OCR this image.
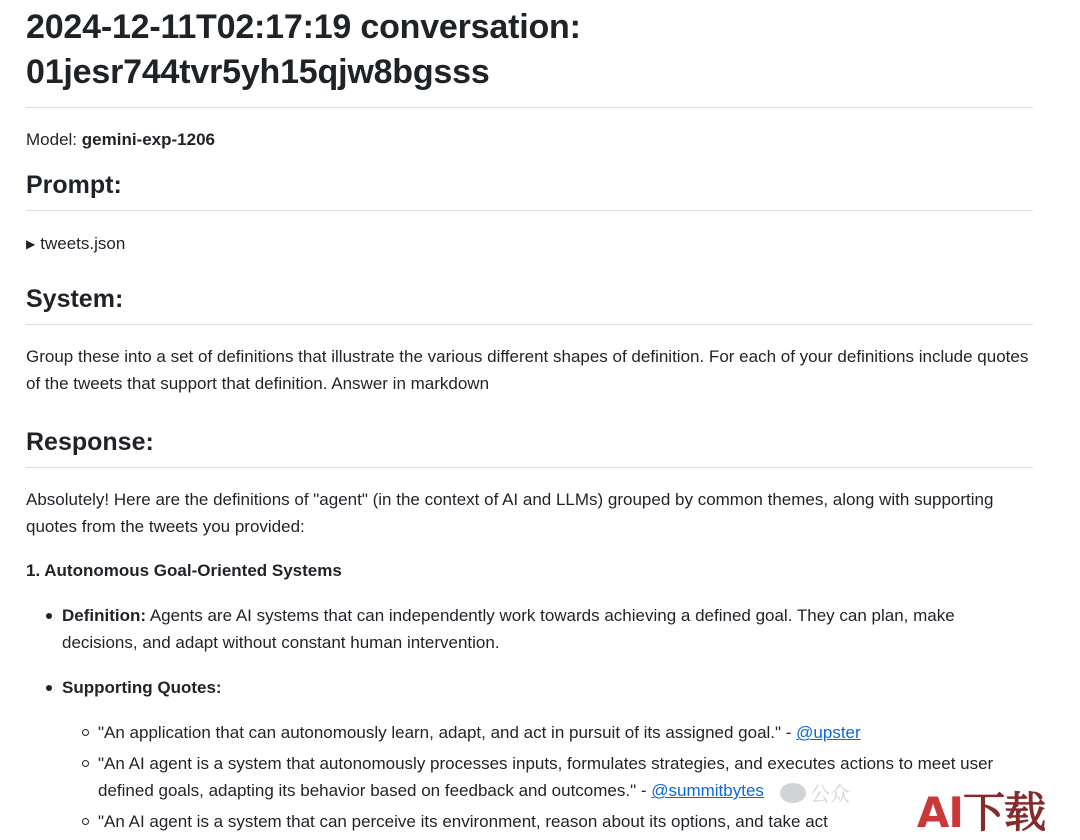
2024-12-11T02:17:19 conversation: 01jesr744tvr5yh15qjw8bgsss

Model: gemini-exp-1206

Prompt:
▶ tweets.json
System:

Group these into a set of definitions that illustrate the various different shapes of definition. For each of your definitions include quotes of the tweets that support that definition. Answer in markdown

Response:

Absolutely! Here are the definitions of "agent" (in the context of AI and LLMs) grouped by common themes, along with supporting quotes from the tweets you provided:

1. Autonomous Goal-Oriented Systems
Definition: Agents are AI systems that can independently work towards achieving a defined goal. They can plan, make decisions, and adapt without constant human intervention.
Supporting Quotes:
"An application that can autonomously learn, adapt, and act in pursuit of its assigned goal." - @upster
"An AI agent is a system that autonomously processes inputs, formulates strategies, and executes actions to meet user defined goals, adapting its behavior based on feedback and outcomes." - @summitbytes
"An AI agent is a system that can perceive its environment, reason about its options, and take act
公众 AI下载
